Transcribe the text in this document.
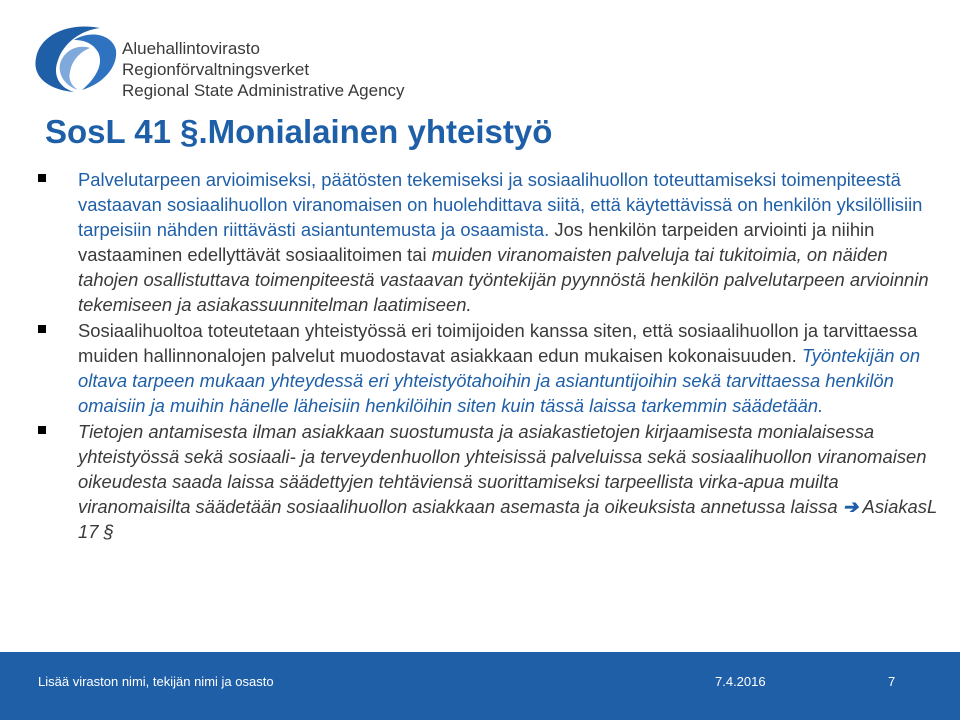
Aluehallintovirasto
Regionförvaltningsverket
Regional State Administrative Agency
SosL 41 §.Monialainen yhteistyö
Palvelutarpeen arvioimiseksi, päätösten tekemiseksi ja sosiaalihuollon toteuttamiseksi toimenpiteestä vastaavan sosiaalihuollon viranomaisen on huolehdittava siitä, että käytettävissä on henkilön yksilöllisiin tarpeisiin nähden riittävästi asiantuntemusta ja osaamista. Jos henkilön tarpeiden arviointi ja niihin vastaaminen edellyttävät sosiaalitoimen tai muiden viranomaisten palveluja tai tukitoimia, on näiden tahojen osallistuttava toimenpiteestä vastaavan työntekijän pyynnöstä henkilön palvelutarpeen arvioinnin tekemiseen ja asiakassuunnitelman laatimiseen.
Sosiaalihuoltoa toteutetaan yhteistyössä eri toimijoiden kanssa siten, että sosiaalihuollon ja tarvittaessa muiden hallinnonalojen palvelut muodostavat asiakkaan edun mukaisen kokonaisuuden. Työntekijän on oltava tarpeen mukaan yhteydessä eri yhteistyötahoihin ja asiantuntijoihin sekä tarvittaessa henkilön omaisiin ja muihin hänelle läheisiin henkilöihin siten kuin tässä laissa tarkemmin säädetään.
Tietojen antamisesta ilman asiakkaan suostumusta ja asiakastietojen kirjaamisesta monialaisessa yhteistyössä sekä sosiaali- ja terveydenhuollon yhteisissä palveluissa sekä sosiaalihuollon viranomaisen oikeudesta saada laissa säädettyjen tehtäviensä suorittamiseksi tarpeellista virka-apua muilta viranomaisilta säädetään sosiaalihuollon asiakkaan asemasta ja oikeuksista annetussa laissa ➔ AsiakasL 17 §
Lisää viraston nimi, tekijän nimi ja osasto	7.4.2016	7
